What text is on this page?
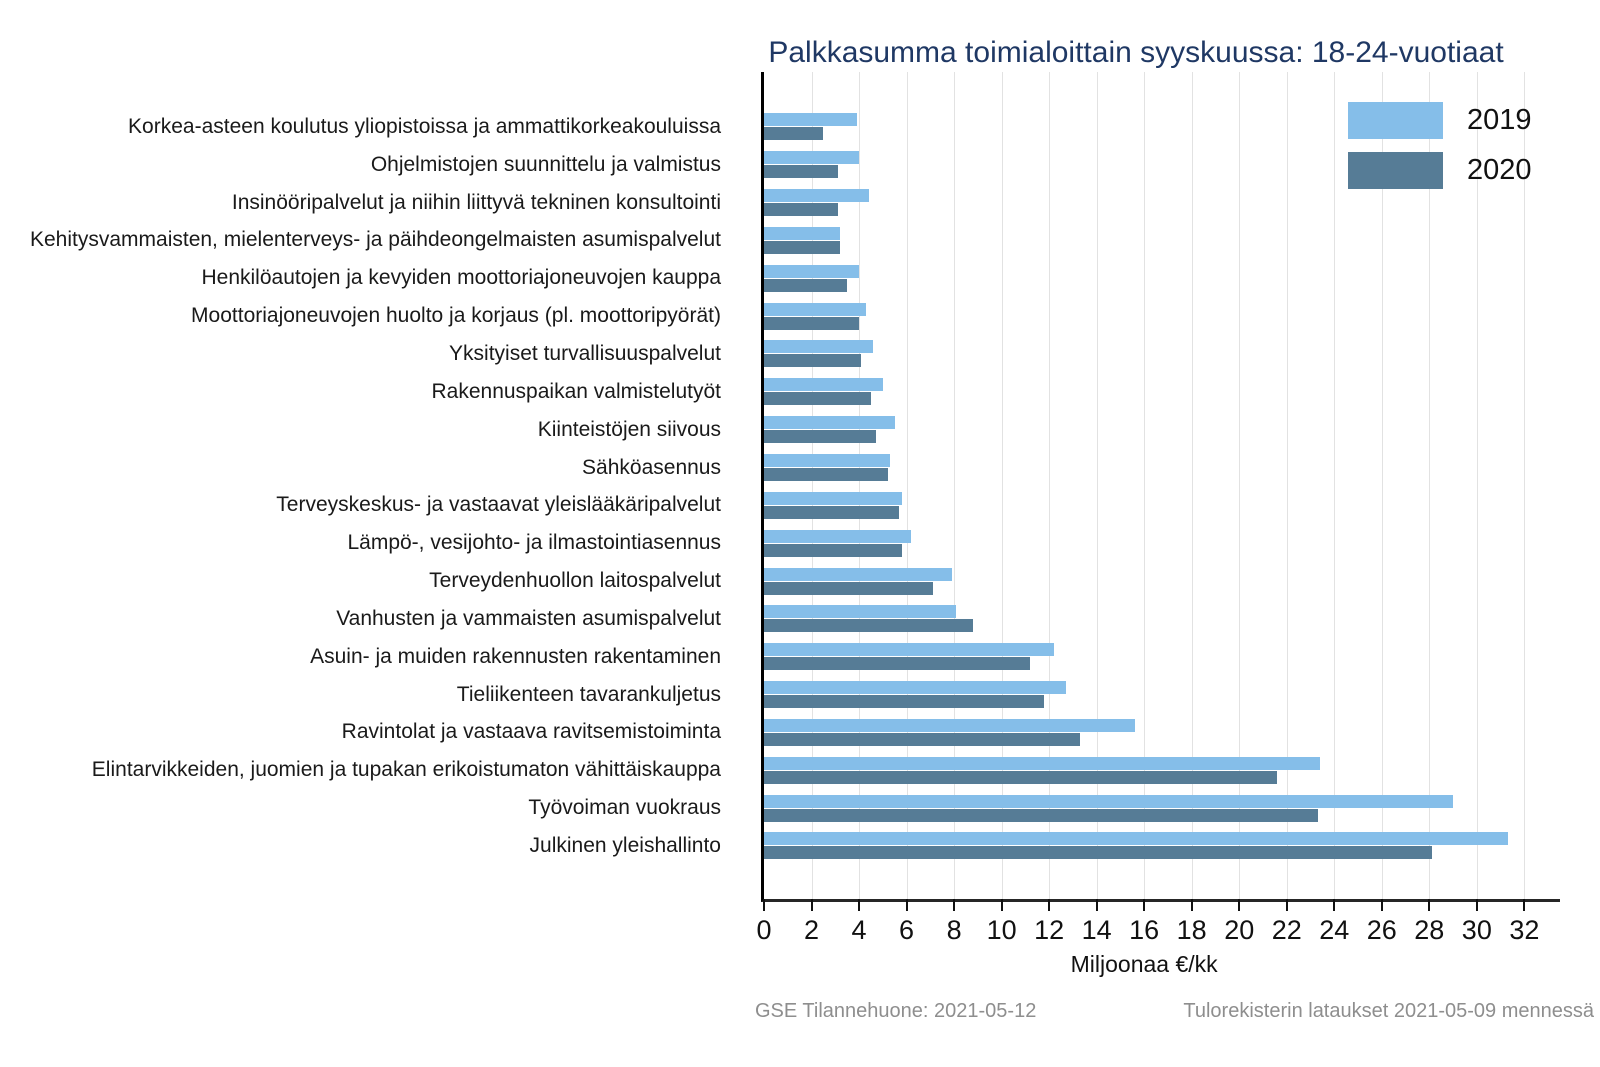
Palkkasumma toimialoittain syyskuussa: 18-24-vuotiaat
Korkea-asteen koulutus yliopistoissa ja ammattikorkeakouluissa
Ohjelmistojen suunnittelu ja valmistus
Insinööripalvelut ja niihin liittyvä tekninen konsultointi
Kehitysvammaisten, mielenterveys- ja päihdeongelmaisten asumispalvelut
Henkilöautojen ja kevyiden moottoriajoneuvojen kauppa
Moottoriajoneuvojen huolto ja korjaus (pl. moottoripyörät)
Yksityiset turvallisuuspalvelut
Rakennuspaikan valmistelutyöt
Kiinteistöjen siivous
Sähköasennus
Terveyskeskus- ja vastaavat yleislääkäripalvelut
Lämpö-, vesijohto- ja ilmastointiasennus
Terveydenhuollon laitospalvelut
Vanhusten ja vammaisten asumispalvelut
Asuin- ja muiden rakennusten rakentaminen
Tieliikenteen tavarankuljetus
Ravintolat ja vastaava ravitsemistoiminta
Elintarvikkeiden, juomien ja tupakan erikoistumaton vähittäiskauppa
Työvoiman vuokraus
Julkinen yleishallinto
2019
2020
0 2 4 6 8 10 12 14 16 18 20 22 24 26 28 30 32
Miljoonaa €/kk
GSE Tilannehuone: 2021-05-12	Tulorekisterin lataukset 2021-05-09 mennessä
